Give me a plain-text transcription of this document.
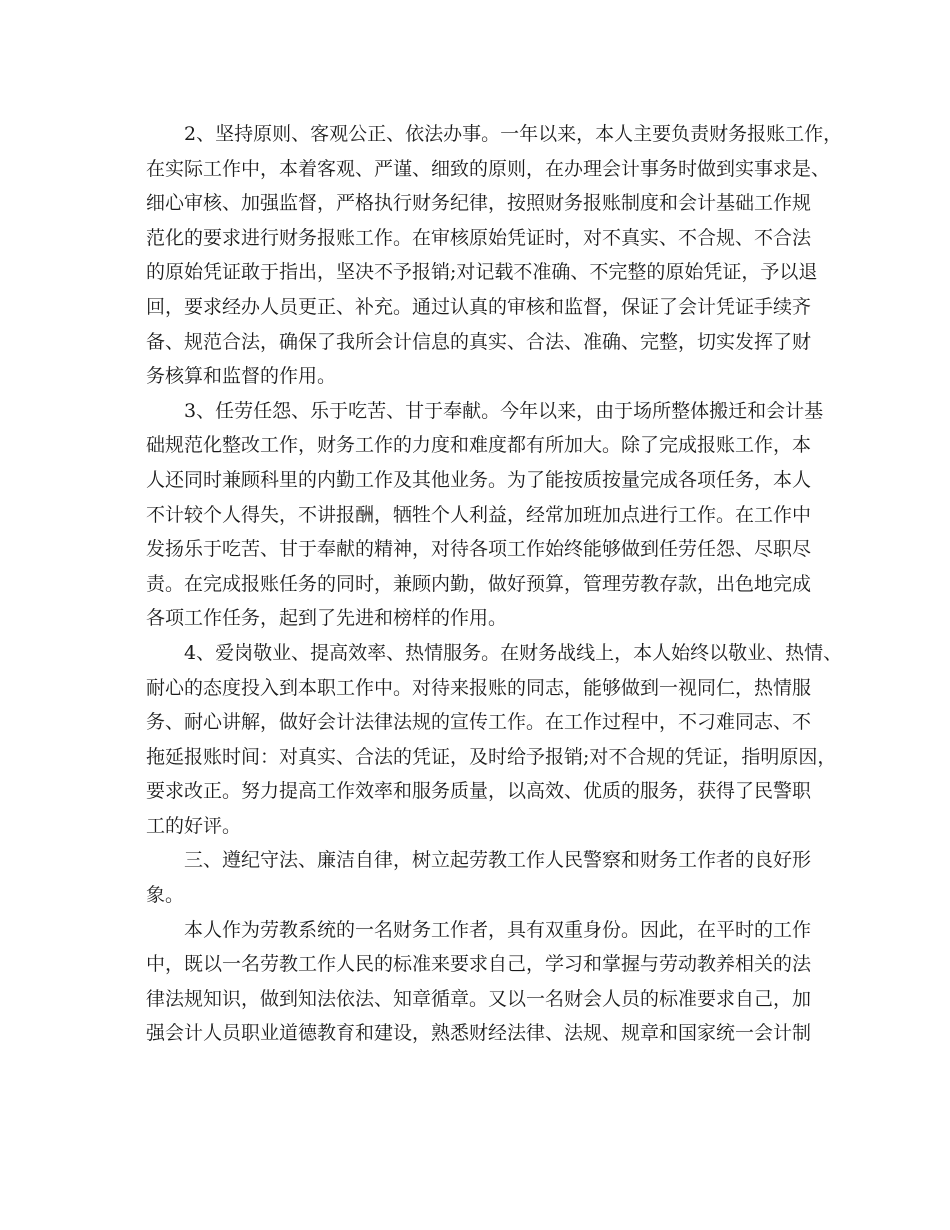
2、坚持原则、客观公正、依法办事。一年以来，本人主要负责财务报账工作，
在实际工作中，本着客观、严谨、细致的原则，在办理会计事务时做到实事求是、
细心审核、加强监督，严格执行财务纪律，按照财务报账制度和会计基础工作规
范化的要求进行财务报账工作。在审核原始凭证时，对不真实、不合规、不合法
的原始凭证敢于指出，坚决不予报销;对记载不准确、不完整的原始凭证，予以退
回，要求经办人员更正、补充。通过认真的审核和监督，保证了会计凭证手续齐
备、规范合法，确保了我所会计信息的真实、合法、准确、完整，切实发挥了财
务核算和监督的作用。
3、任劳任怨、乐于吃苦、甘于奉献。今年以来，由于场所整体搬迁和会计基
础规范化整改工作，财务工作的力度和难度都有所加大。除了完成报账工作，本
人还同时兼顾科里的内勤工作及其他业务。为了能按质按量完成各项任务，本人
不计较个人得失，不讲报酬，牺牲个人利益，经常加班加点进行工作。在工作中
发扬乐于吃苦、甘于奉献的精神，对待各项工作始终能够做到任劳任怨、尽职尽
责。在完成报账任务的同时，兼顾内勤，做好预算，管理劳教存款，出色地完成
各项工作任务，起到了先进和榜样的作用。
4、爱岗敬业、提高效率、热情服务。在财务战线上，本人始终以敬业、热情、
耐心的态度投入到本职工作中。对待来报账的同志，能够做到一视同仁，热情服
务、耐心讲解，做好会计法律法规的宣传工作。在工作过程中，不刁难同志、不
拖延报账时间：对真实、合法的凭证，及时给予报销;对不合规的凭证，指明原因，
要求改正。努力提高工作效率和服务质量，以高效、优质的服务，获得了民警职
工的好评。
三、遵纪守法、廉洁自律，树立起劳教工作人民警察和财务工作者的良好形
象。
本人作为劳教系统的一名财务工作者，具有双重身份。因此，在平时的工作
中，既以一名劳教工作人民的标准来要求自己，学习和掌握与劳动教养相关的法
律法规知识，做到知法依法、知章循章。又以一名财会人员的标准要求自己，加
强会计人员职业道德教育和建设，熟悉财经法律、法规、规章和国家统一会计制
